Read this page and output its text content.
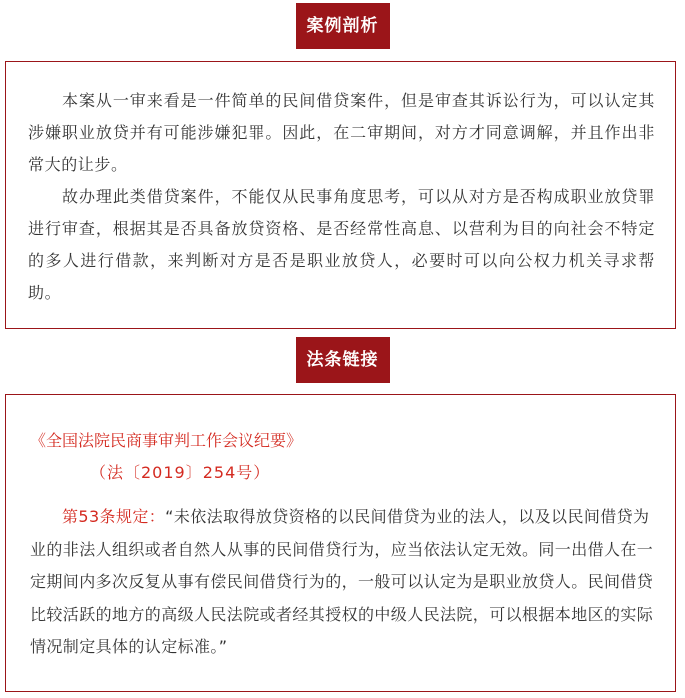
案例剖析

本案从一审来看是一件简单的民间借贷案件，但是审查其诉讼行为，可以认定其涉嫌职业放贷并有可能涉嫌犯罪。因此，在二审期间，对方才同意调解，并且作出非常大的让步。

故办理此类借贷案件，不能仅从民事角度思考，可以从对方是否构成职业放贷罪进行审查，根据其是否具备放贷资格、是否经常性高息、以营利为目的向社会不特定的多人进行借款，来判断对方是否是职业放贷人，必要时可以向公权力机关寻求帮助。

法条链接

《全国法院民商事审判工作会议纪要》

（法〔2019〕254号）

第53条规定：“未依法取得放贷资格的以民间借贷为业的法人，以及以民间借贷为业的非法人组织或者自然人从事的民间借贷行为，应当依法认定无效。同一出借人在一定期间内多次反复从事有偿民间借贷行为的，一般可以认定为是职业放贷人。民间借贷比较活跃的地方的高级人民法院或者经其授权的中级人民法院，可以根据本地区的实际情况制定具体的认定标准。”
